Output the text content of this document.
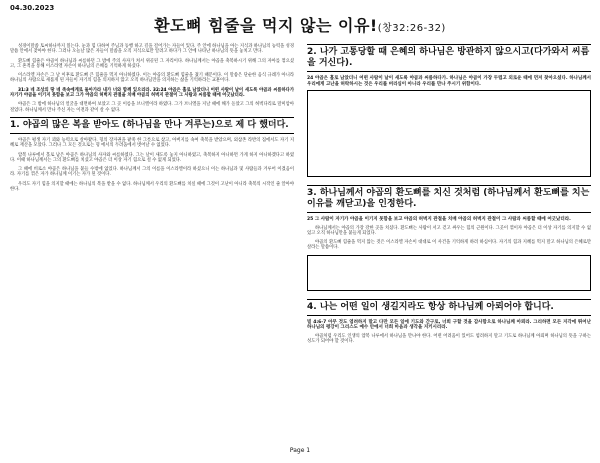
04.30.2023
환도뼈 힘줄을 먹지 않는 이유!(창32:26-32)

성경이말씀 토씨하나까지 읽는다. 눈과 힘 다하여 주님과 동행 하고 길을 걸어가는 자들이 있다. 주 안에 하나님을 아는 지식과 하나님의 능력을 성경말씀 안에서 찾아야 한다. 그러나 오늘날 많은 자들이 말씀을 오직 지식으로만 알려고 하다가 그 안에 나타난 하나님의 뜻을 놓치고 만다.

환도뼈 힘줄은 야곱이 하나님과 씨름하던 그 밤에 주의 사자가 쳐서 위골된 그 자리이다. 하나님께서는 야곱을 축복하시기 위해 그의 자아를 꺾으셨고, 그 흔적을 통해 이스라엘 자손이 하나님의 은혜를 기억하게 하셨다.

이스라엘 자손은 그 날 이후로 환도뼈 큰 힘줄을 먹지 아니하였다. 이는 야곱의 환도뼈 힘줄을 쳤기 때문이다. 이 말씀은 단순한 음식 규례가 아니라 하나님의 사람으로 새롭게 된 자들이 자기의 힘을 의지하지 않고 오직 하나님만을 의지하는 삶을 기억하라는 교훈이다.

31:3 네 조상의 땅 네 족속에게로 돌아가라 내가 너와 함께 있으리라. 32:24 야곱은 홀로 남았더니 어떤 사람이 날이 새도록 야곱과 씨름하다가 자기가 야곱을 이기지 못함을 보고 그가 야곱의 허벅지 관절을 치매 야곱의 허벅지 관절이 그 사람과 씨름할 때에 어긋났더라.

야곱은 그 밤에 하나님의 얼굴을 대면하여 보았고 그 곳 이름을 브니엘이라 하였다. 그가 브니엘을 지날 때에 해가 돋았고 그의 허벅다리로 말미암아 절었다. 하나님께서 만나 주신 자는 이전과 같이 살 수 없다.

1. 야곱의 많은 복을 받아도 (하나님을 만나 겨루는)으로 제 다 했더다.

야곱은 평생 자기 꾀와 능력으로 살아왔다. 형의 장자권을 팥죽 한 그릇으로 샀고, 아버지를 속여 축복을 받았으며, 외삼촌 라반의 집에서도 자기 지혜로 재산을 모았다. 그러나 그 모든 것으로는 형 에서의 두려움에서 벗어날 수 없었다.

얍복 나루에서 홀로 남은 야곱은 하나님의 사자와 씨름하였다. 그는 날이 새도록 놓지 아니하였고, 축복하지 아니하면 가게 하지 아니하겠다고 하였다. 이때 하나님께서는 그의 환도뼈를 치셨고 야곱은 더 이상 자기 힘으로 설 수 없게 되었다.

그 때에 비로소 야곱은 하나님을 붙들 수밖에 없었다. 하나님께서 그의 이름을 이스라엘이라 하셨으니 이는 하나님과 및 사람들과 겨루어 이겼음이라. 자기를 꺾은 자가 하나님께 이기는 자가 된 것이다.

우리도 자기 힘을 의지할 때에는 하나님의 복을 받을 수 없다. 하나님께서 우리의 환도뼈를 치실 때에 그것이 고난이 아니라 축복의 시작인 줄 알아야 한다.

2. 나가 고통당할 때 은혜의 하나님은 방관하지 않으시고(다가와서 씨름을 거신다).

24 야곱은 홀로 남았더니 어떤 사람이 날이 새도록 야곱과 씨름하다가. 하나님은 야곱이 가장 두렵고 외로운 때에 먼저 찾아오셨다. 하나님께서 우리에게 고난을 허락하시는 것은 우리를 버리심이 아니라 우리를 만나 주시기 위함이다.

3. 하나님께서 야곱의 환도뼈를 치신 것처럼 (하나님께서 환도뼈를 치는 이유를 깨닫고)을 인정한다.

25 그 사람이 자기가 야곱을 이기지 못함을 보고 야곱의 허벅지 관절을 치매 야곱의 허벅지 관절이 그 사람과 씨름할 때에 어긋났더라.

하나님께서는 야곱의 가장 강한 곳을 치셨다. 환도뼈는 사람이 서고 걷고 싸우는 힘의 근원이다. 그곳이 꺾이자 야곱은 더 이상 자기를 의지할 수 없었고 오직 하나님만을 붙들게 되었다.

야곱의 환도뼈 힘줄을 먹지 않는 것은 이스라엘 자손이 대대로 이 사건을 기억하게 하려 하심이다. 자기의 힘과 지혜를 먹지 말고 하나님의 은혜로만 살라는 말씀이다.

4. 나는 어떤 일이 생길지라도 항상 하나님께 아뢰어야 합니다.

빌 4:6-7 아무 것도 염려하지 말고 다만 모든 일에 기도와 간구로, 너희 구할 것을 감사함으로 하나님께 아뢰라. 그리하면 모든 지각에 뛰어난 하나님의 평강이 그리스도 예수 안에서 너희 마음과 생각을 지키시리라.

야곱처럼 우리도 인생의 얍복 나루에서 하나님을 만나야 한다. 어떤 어려움이 있어도 염려하지 말고 기도로 하나님께 아뢰며 하나님의 뜻을 구하는 성도가 되어야 할 것이다.

Page 1
